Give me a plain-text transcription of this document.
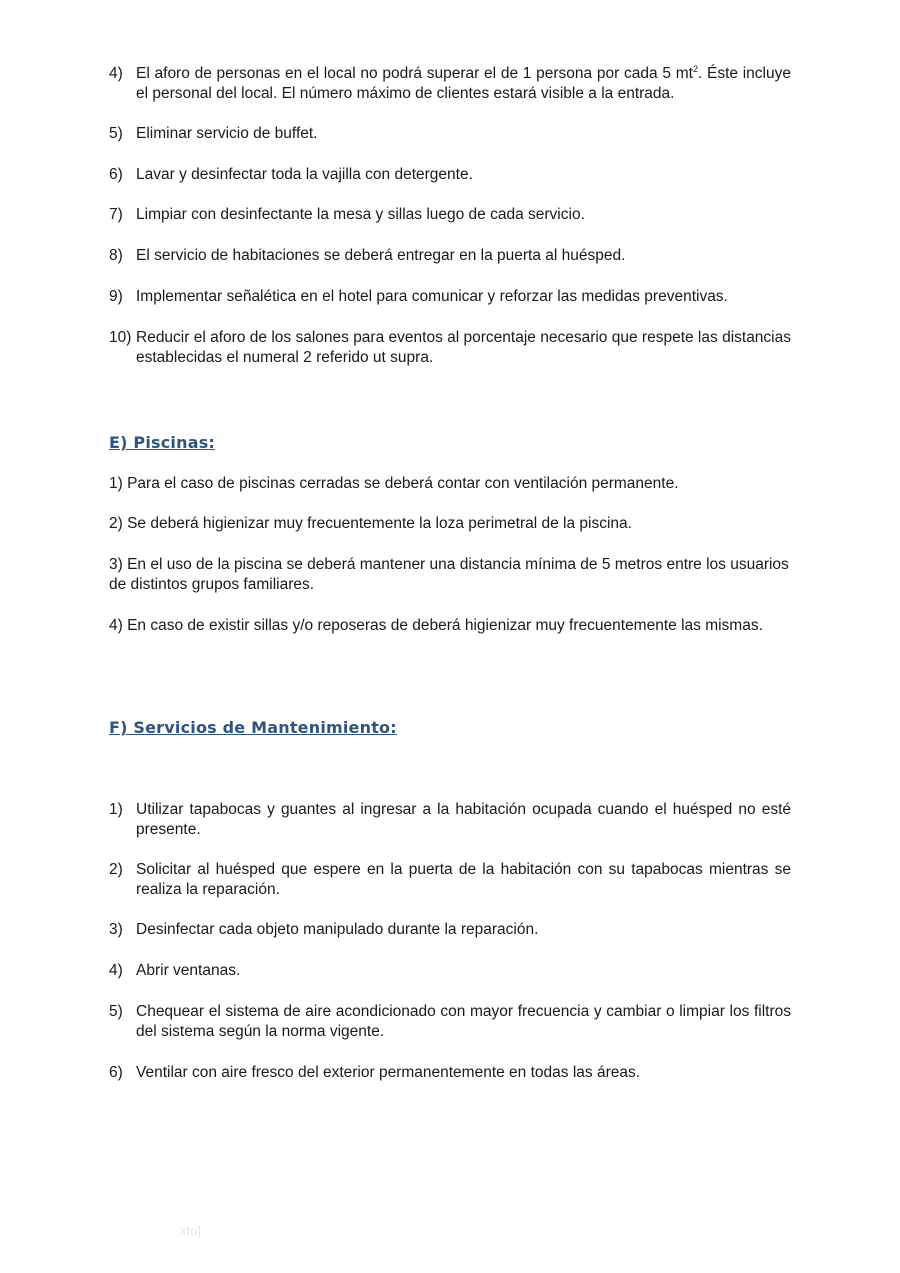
4) El aforo de personas en el local no podrá superar el de 1 persona por cada 5 $mt^2$. Éste incluye el personal del local. El número máximo de clientes estará visible a la entrada.
5) Eliminar servicio de buffet.
6) Lavar y desinfectar toda la vajilla con detergente.
7) Limpiar con desinfectante la mesa y sillas luego de cada servicio.
8) El servicio de habitaciones se deberá entregar en la puerta al huésped.
9) Implementar señalética en el hotel para comunicar y reforzar las medidas preventivas.
10) Reducir el aforo de los salones para eventos al porcentaje necesario que respete las distancias establecidas el numeral 2 referido ut supra.
E) Piscinas:
1) Para el caso de piscinas cerradas se deberá contar con ventilación permanente.
2) Se deberá higienizar muy frecuentemente la loza perimetral de la piscina.
3) En el uso de la piscina se deberá mantener una distancia mínima de 5 metros entre los usuarios de distintos grupos familiares.
4) En caso de existir sillas y/o reposeras de deberá higienizar muy frecuentemente las mismas.
F) Servicios de Mantenimiento:
1) Utilizar tapabocas y guantes al ingresar a la habitación ocupada cuando el huésped no esté presente.
2) Solicitar al huésped que espere en la puerta de la habitación con su tapabocas mientras se realiza la reparación.
3) Desinfectar cada objeto manipulado durante la reparación.
4) Abrir ventanas.
5) Chequear el sistema de aire acondicionado con mayor frecuencia y cambiar o limpiar los filtros del sistema según la norma vigente.
6) Ventilar con aire fresco del exterior permanentemente en todas las áreas.
xto]
